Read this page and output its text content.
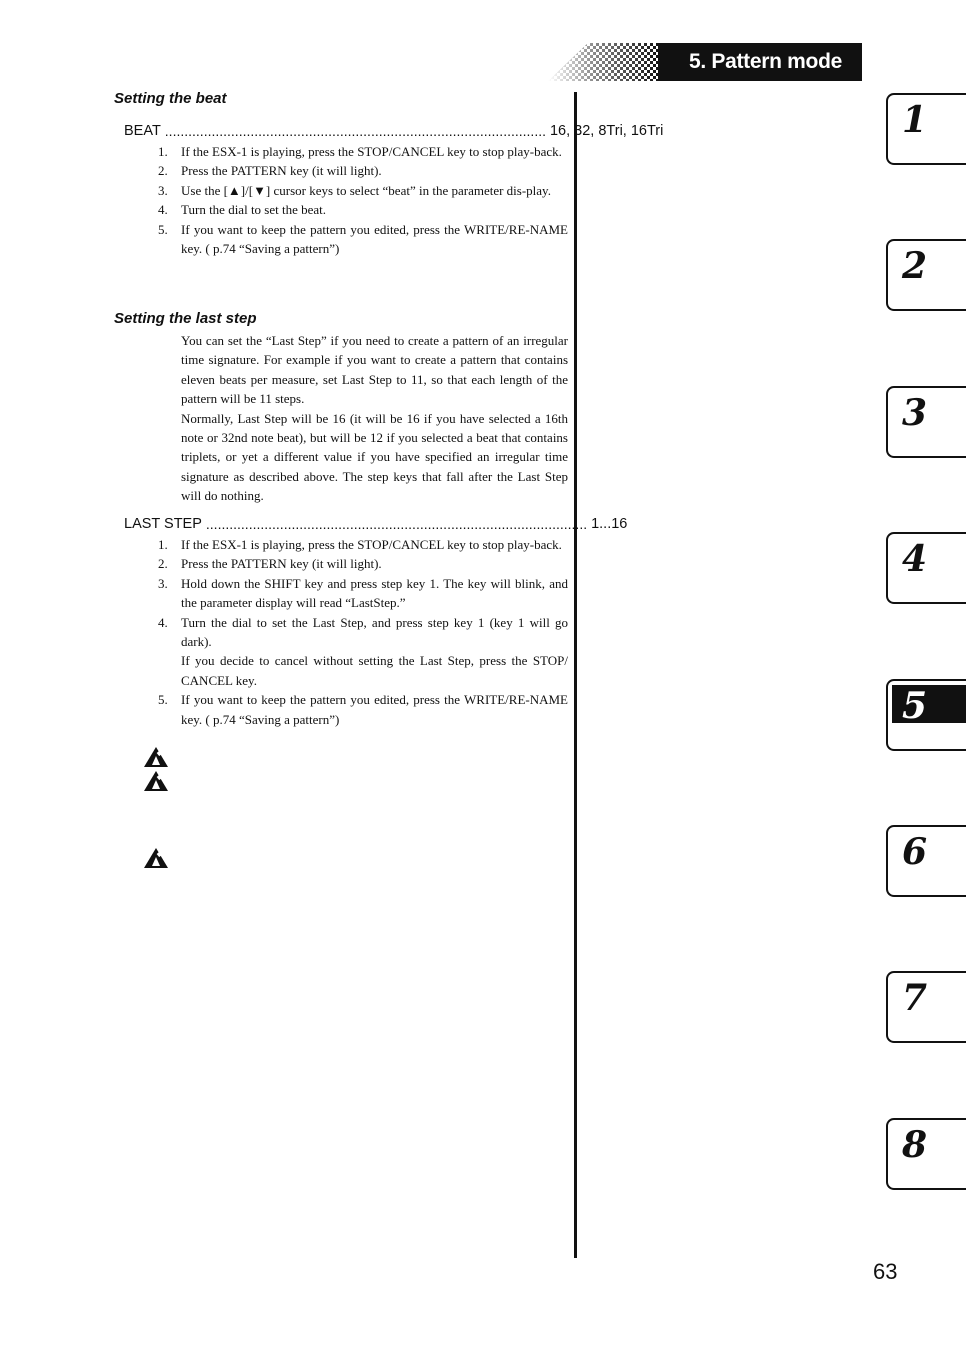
5. Pattern mode
Setting the beat
BEAT .................................................................................................. 16, 32, 8Tri, 16Tri
1. If the ESX-1 is playing, press the STOP/CANCEL key to stop play-back.
2. Press the PATTERN key (it will light).
3. Use the [▲]/[▼] cursor keys to select “beat” in the parameter dis-play.
4. Turn the dial to set the beat.
5. If you want to keep the pattern you edited, press the WRITE/RE-NAME key. ( p.74 “Saving a pattern”)
Setting the last step
You can set the “Last Step” if you need to create a pattern of an irregular time signature. For example if you want to create a pattern that contains eleven beats per measure, set Last Step to 11, so that each length of the pattern will be 11 steps.
Normally, Last Step will be 16 (it will be 16 if you have selected a 16th note or 32nd note beat), but will be 12 if you selected a beat that contains triplets, or yet a different value if you have specified an irregular time signature as described above. The step keys that fall after the Last Step will do nothing.
LAST STEP .................................................................................................. 1...16
1. If the ESX-1 is playing, press the STOP/CANCEL key to stop play-back.
2. Press the PATTERN key (it will light).
3. Hold down the SHIFT key and press step key 1. The key will blink, and the parameter display will read “LastStep.”
4. Turn the dial to set the Last Step, and press step key 1 (key 1 will go dark).
If you decide to cancel without setting the Last Step, press the STOP/ CANCEL key.
5. If you want to keep the pattern you edited, press the WRITE/RE-NAME key. ( p.74 “Saving a pattern”)
1
2
3
4
5
6
7
8
63
